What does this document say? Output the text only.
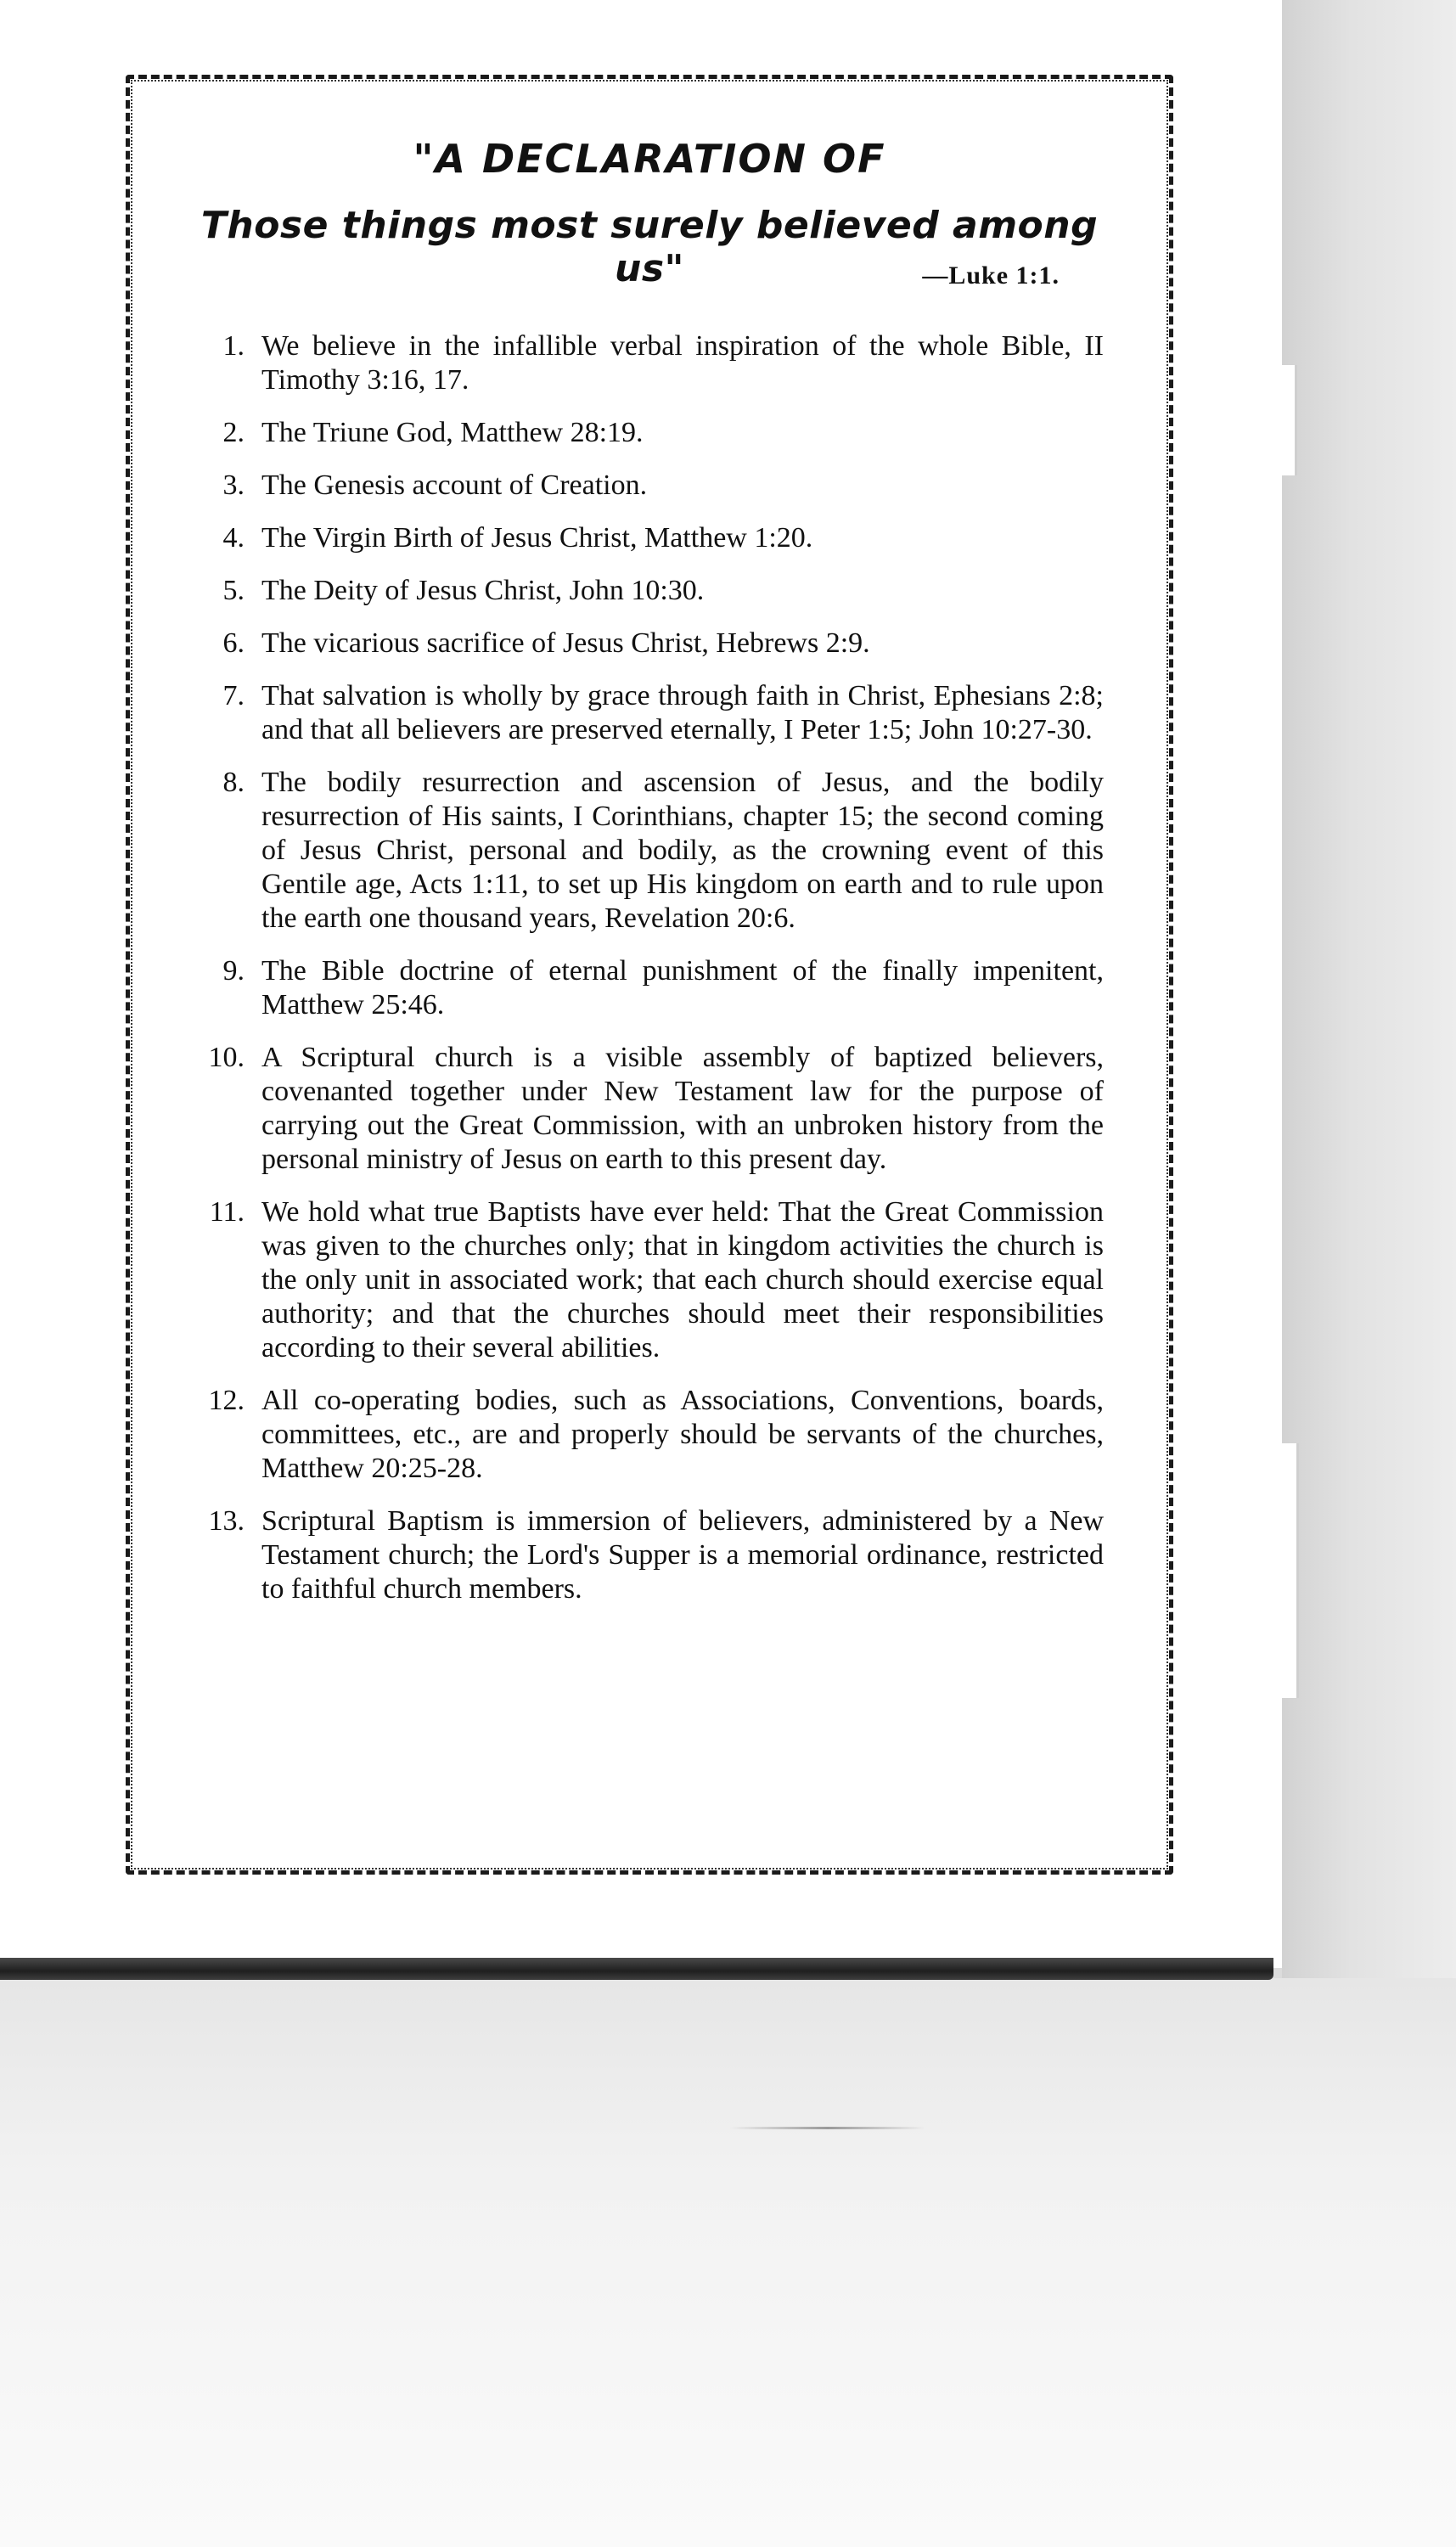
"A DECLARATION OF
Those things most surely believed among us"	—Luke 1:1.

1. We believe in the infallible verbal inspiration of the whole Bible, II Timothy 3:16, 17.
2. The Triune God, Matthew 28:19.
3. The Genesis account of Creation.
4. The Virgin Birth of Jesus Christ, Matthew 1:20.
5. The Deity of Jesus Christ, John 10:30.
6. The vicarious sacrifice of Jesus Christ, Hebrews 2:9.
7. That salvation is wholly by grace through faith in Christ, Ephesians 2:8; and that all believers are preserved eternally, I Peter 1:5; John 10:27-30.
8. The bodily resurrection and ascension of Jesus, and the bodily resurrection of His saints, I Corinthians, chapter 15; the second coming of Jesus Christ, personal and bodily, as the crowning event of this Gentile age, Acts 1:11, to set up His kingdom on earth and to rule upon the earth one thousand years, Revelation 20:6.
9. The Bible doctrine of eternal punishment of the finally impenitent, Matthew 25:46.
10. A Scriptural church is a visible assembly of baptized believers, covenanted together under New Testament law for the purpose of carrying out the Great Commission, with an unbroken history from the personal ministry of Jesus on earth to this present day.
11. We hold what true Baptists have ever held: That the Great Commission was given to the churches only; that in kingdom activities the church is the only unit in associated work; that each church should exercise equal authority; and that the churches should meet their responsibilities according to their several abilities.
12. All co-operating bodies, such as Associations, Conventions, boards, committees, etc., are and properly should be servants of the churches, Matthew 20:25-28.
13. Scriptural Baptism is immersion of believers, administered by a New Testament church; the Lord's Supper is a memorial ordinance, restricted to faithful church members.
